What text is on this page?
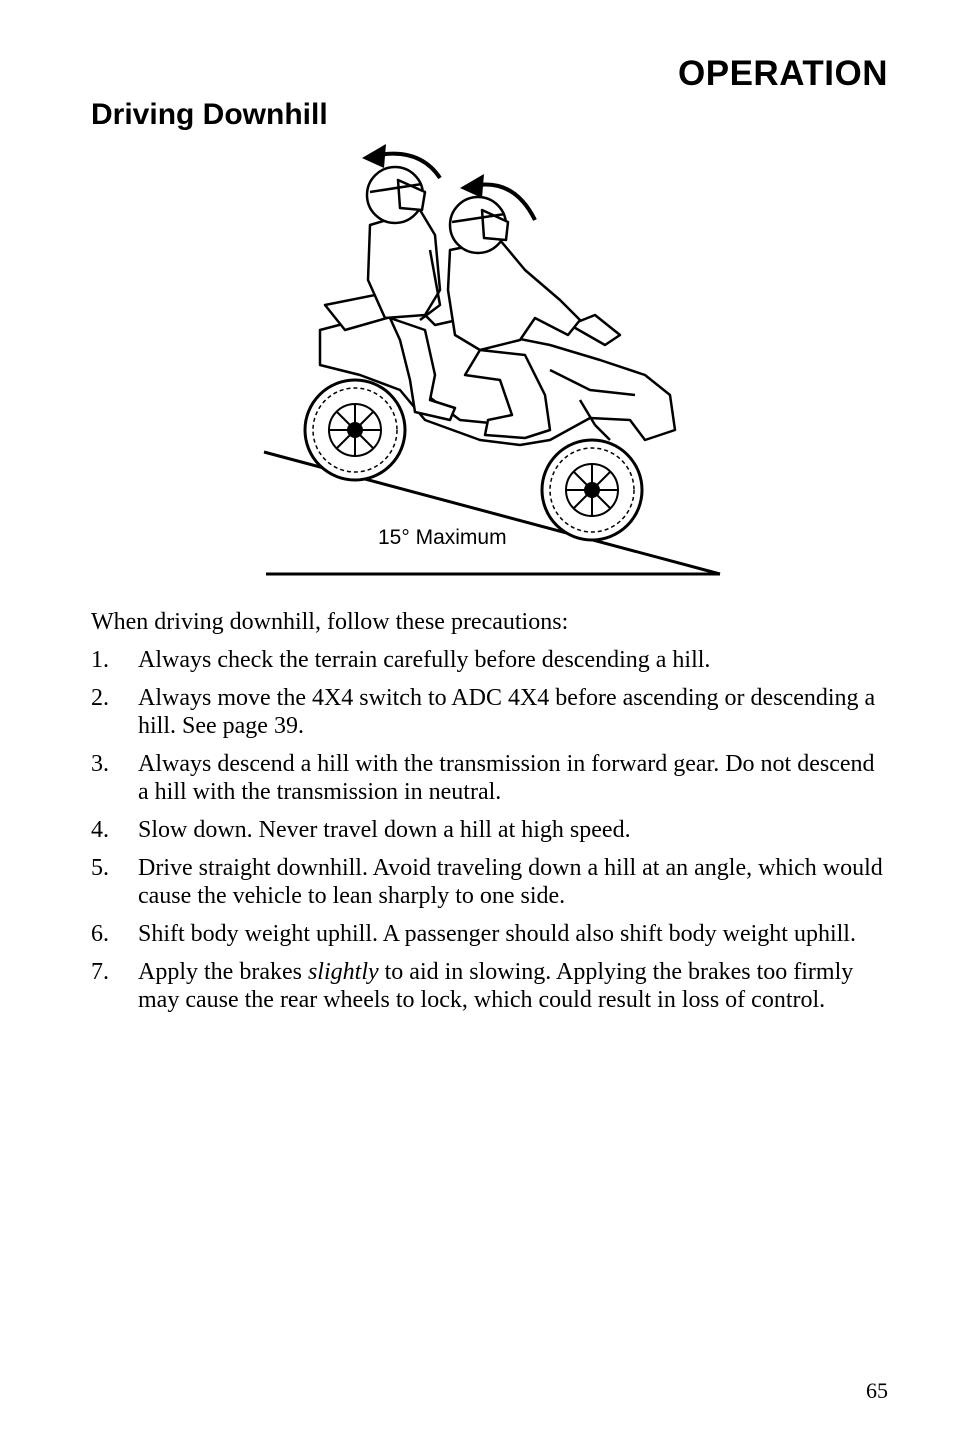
OPERATION
Driving Downhill
15° Maximum
When driving downhill, follow these precautions:
1. Always check the terrain carefully before descending a hill.
2. Always move the 4X4 switch to ADC 4X4 before ascending or descending a hill. See page 39.
3. Always descend a hill with the transmission in forward gear. Do not descend a hill with the transmission in neutral.
4. Slow down. Never travel down a hill at high speed.
5. Drive straight downhill. Avoid traveling down a hill at an angle, which would cause the vehicle to lean sharply to one side.
6. Shift body weight uphill. A passenger should also shift body weight uphill.
7. Apply the brakes slightly to aid in slowing. Applying the brakes too firmly may cause the rear wheels to lock, which could result in loss of control.
65
